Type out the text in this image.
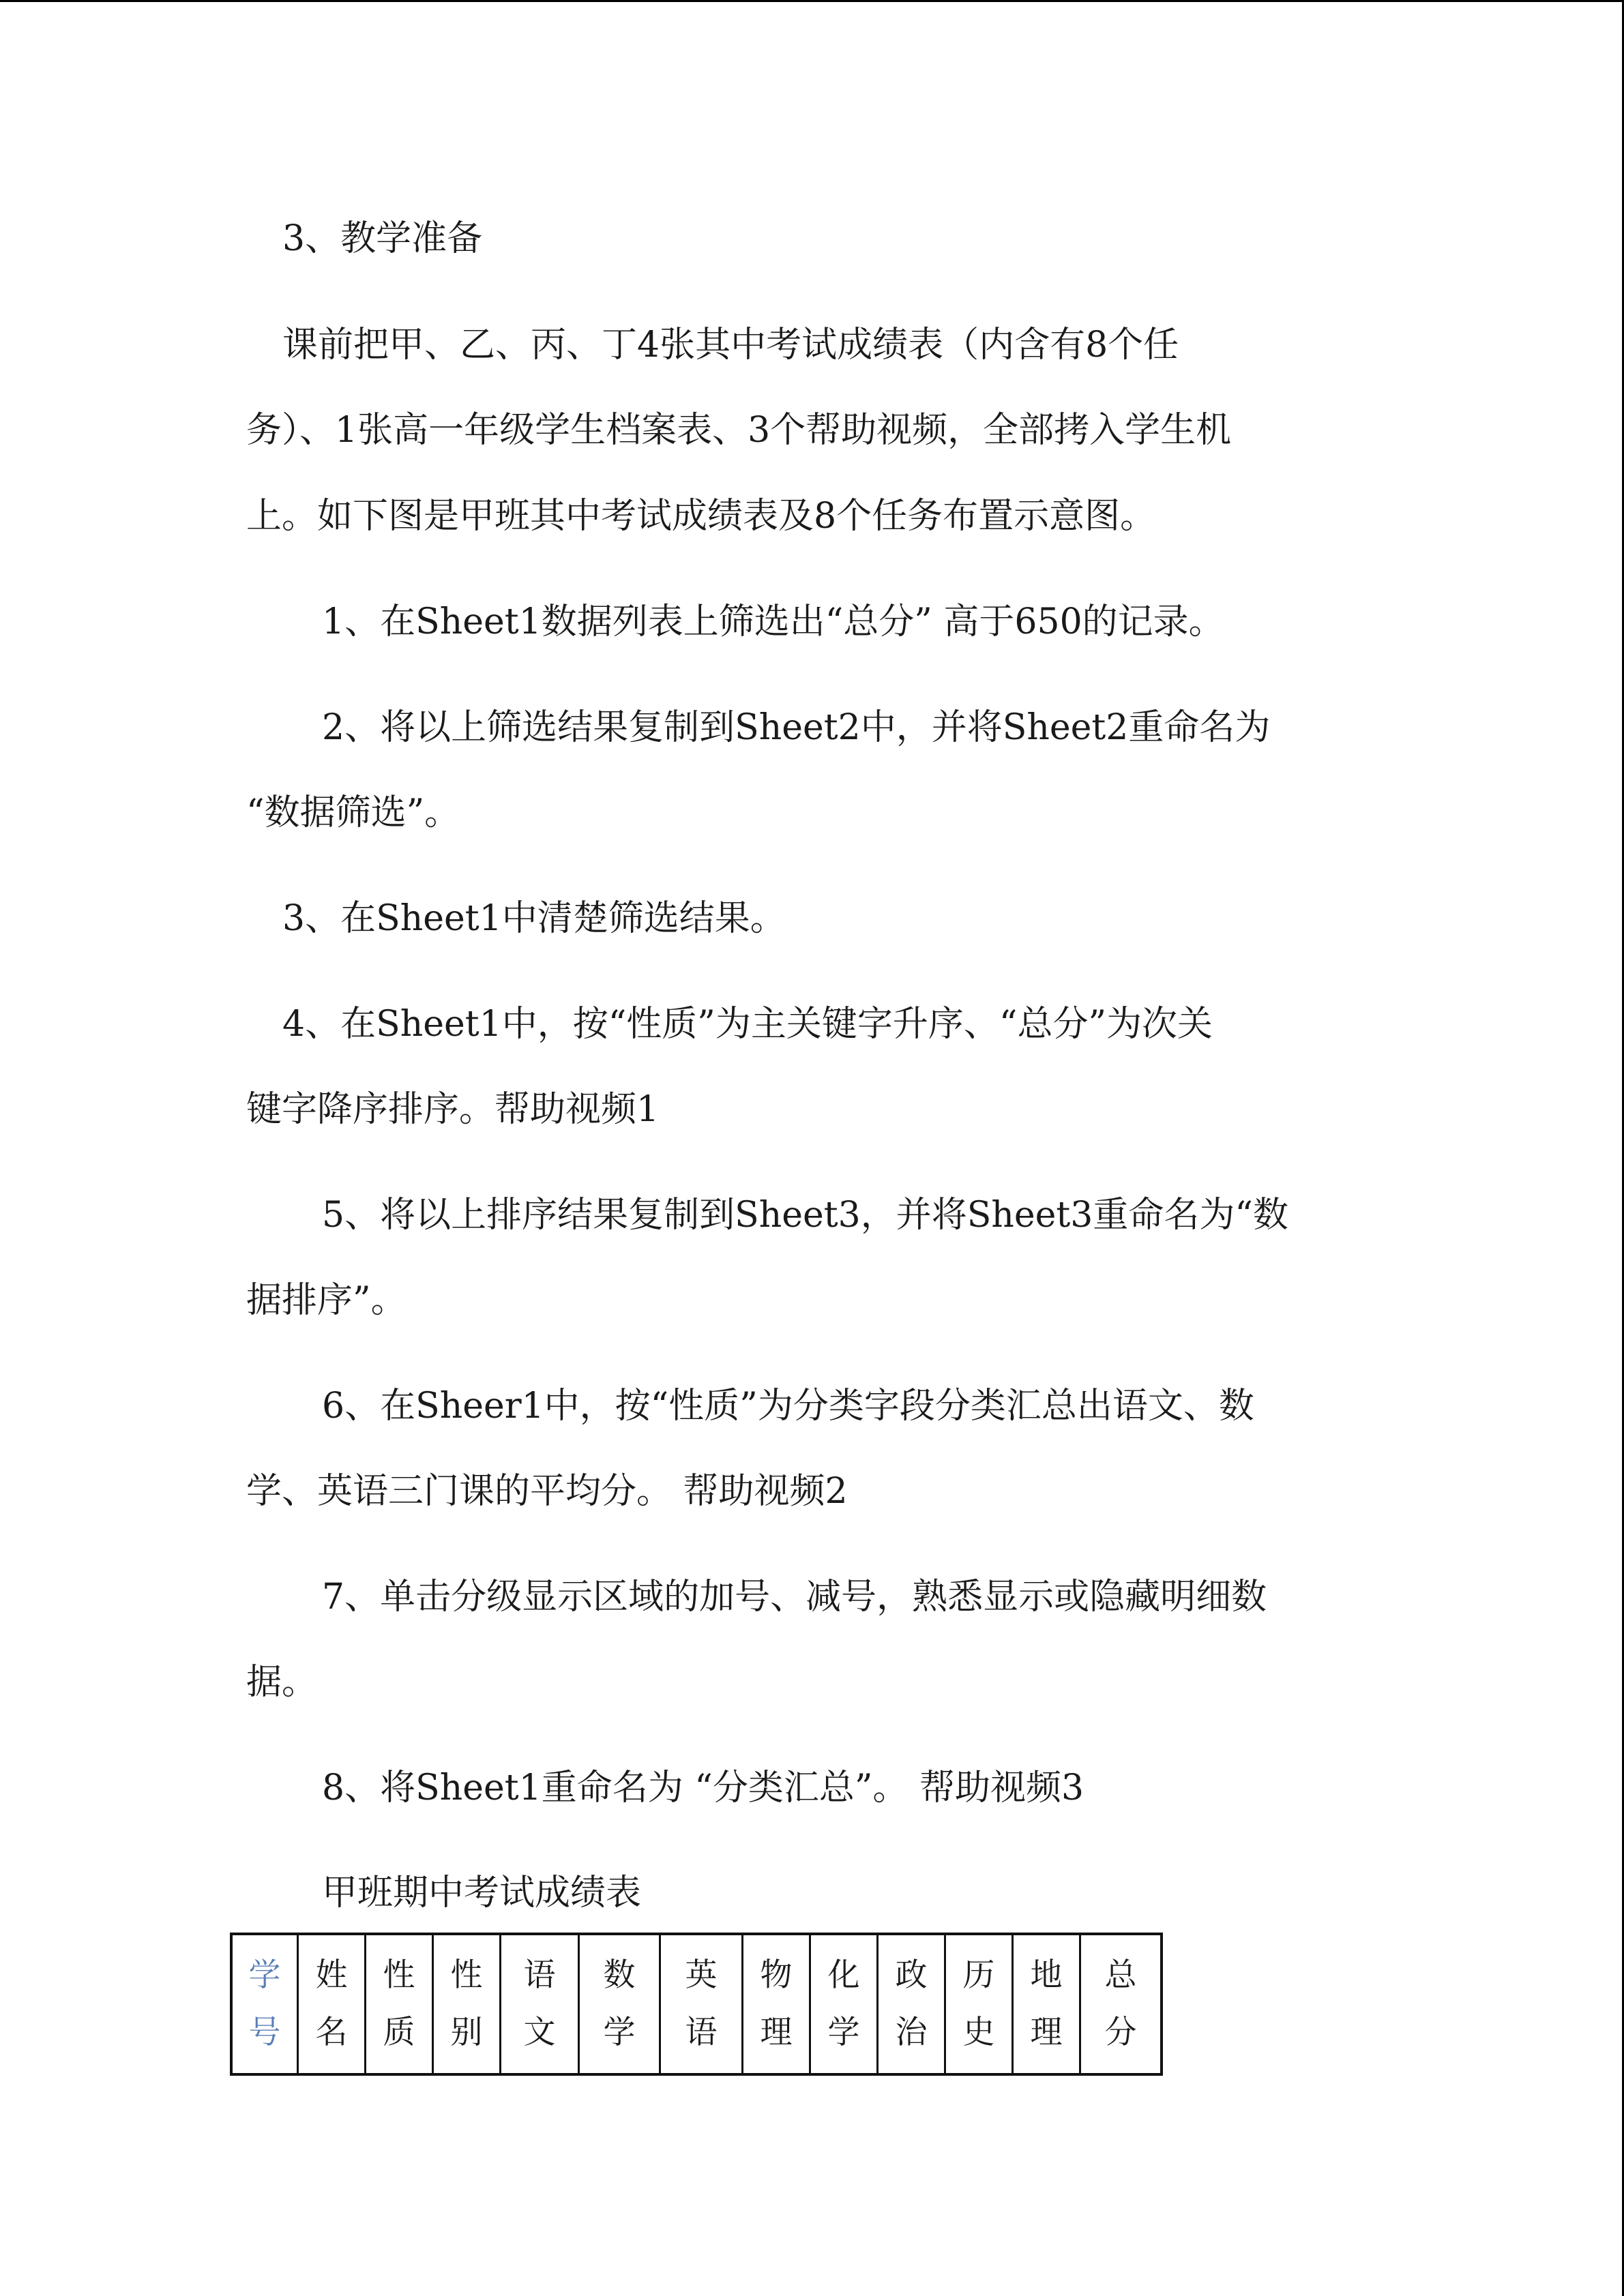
3、教学准备
课前把甲、乙、丙、丁4张其中考试成绩表（内含有8个任
务）、1张高一年级学生档案表、3个帮助视频，全部拷入学生机
上。如下图是甲班其中考试成绩表及8个任务布置示意图。
1、在Sheet1数据列表上筛选出“总分” 高于650的记录。
2、将以上筛选结果复制到Sheet2中，并将Sheet2重命名为
“数据筛选”。
3、在Sheet1中清楚筛选结果。
4、在Sheet1中，按“性质”为主关键字升序、“总分”为次关
键字降序排序。帮助视频1
5、将以上排序结果复制到Sheet3，并将Sheet3重命名为“数
据排序”。
6、在Sheer1中，按“性质”为分类字段分类汇总出语文、数
学、英语三门课的平均分。 帮助视频2
7、单击分级显示区域的加号、减号，熟悉显示或隐藏明细数
据。
8、将Sheet1重命名为 “分类汇总”。 帮助视频3
甲班期中考试成绩表
学号	姓名	性质	性别	语文	数学	英语	物理	化学	政治	历史	地理	总分
